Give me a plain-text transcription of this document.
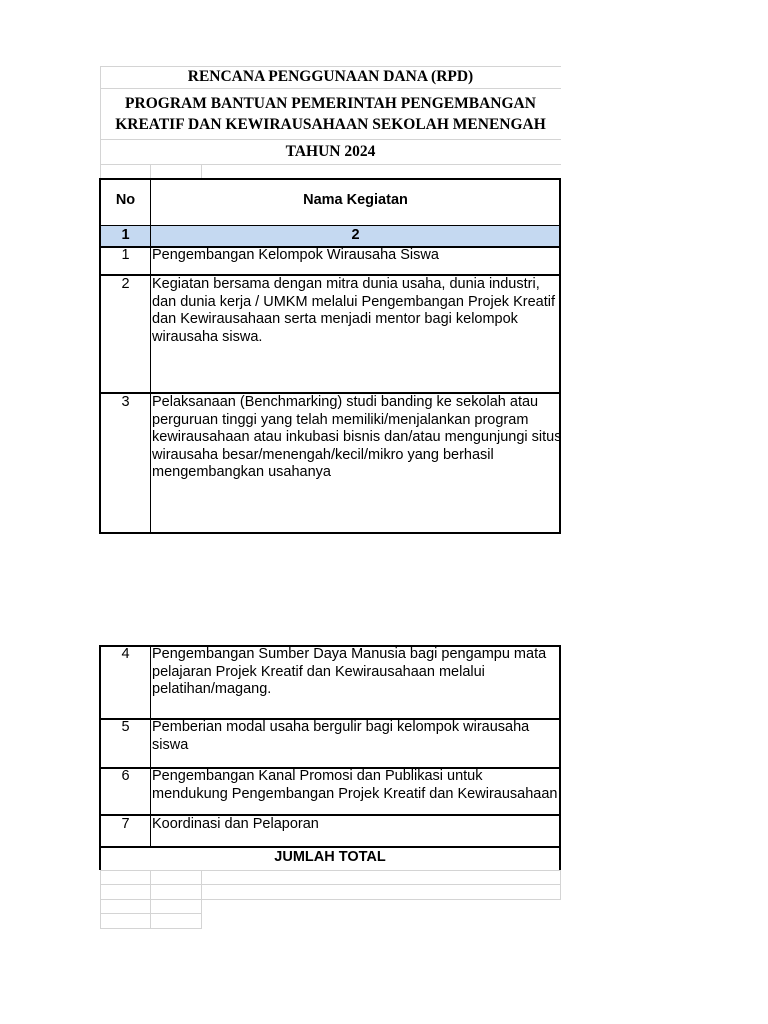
RENCANA PENGGUNAAN DANA (RPD)
PROGRAM BANTUAN PEMERINTAH PENGEMBANGAN
KREATIF DAN KEWIRAUSAHAAN SEKOLAH MENENGAH
TAHUN 2024
No	Nama Kegiatan
1	2
1	Pengembangan Kelompok Wirausaha Siswa
2	Kegiatan bersama dengan mitra dunia usaha, dunia industri, dan dunia kerja / UMKM melalui Pengembangan Projek Kreatif dan Kewirausahaan serta menjadi mentor bagi kelompok wirausaha siswa.
3	Pelaksanaan (Benchmarking) studi banding ke sekolah atau perguruan tinggi yang telah memiliki/menjalankan program kewirausahaan atau inkubasi bisnis dan/atau mengunjungi situs wirausaha besar/menengah/kecil/mikro yang berhasil mengembangkan usahanya
4	Pengembangan Sumber Daya Manusia bagi pengampu mata pelajaran Projek Kreatif dan Kewirausahaan melalui pelatihan/magang.
5	Pemberian modal usaha bergulir bagi kelompok wirausaha siswa
6	Pengembangan Kanal Promosi dan Publikasi untuk mendukung Pengembangan Projek Kreatif dan Kewirausahaan
7	Koordinasi dan Pelaporan
JUMLAH TOTAL
